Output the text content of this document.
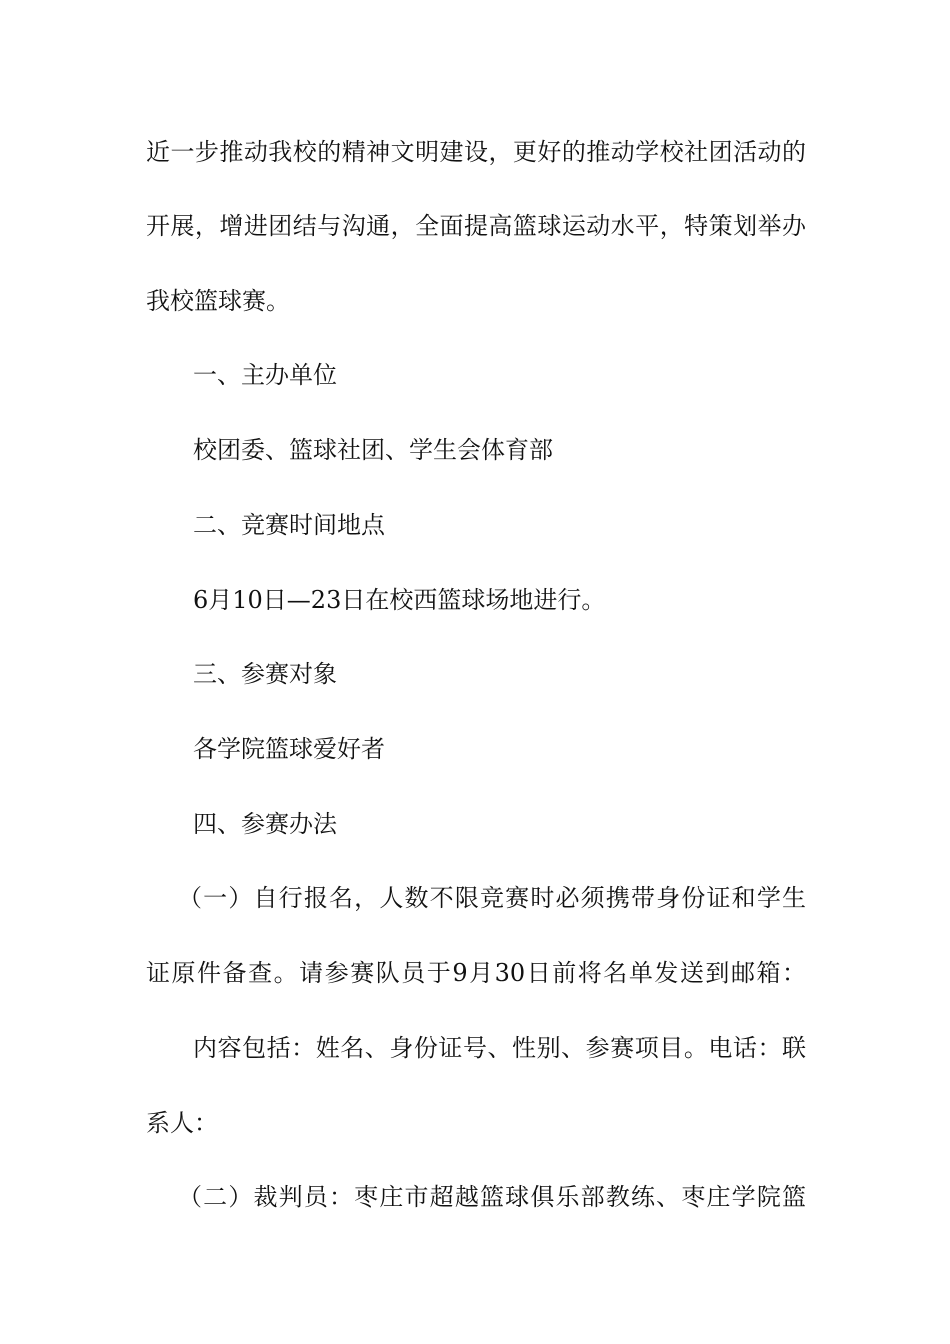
近一步推动我校的精神文明建设，更好的推动学校社团活动的
开展，增进团结与沟通，全面提高篮球运动水平，特策划举办
我校篮球赛。
一、主办单位
校团委、篮球社团、学生会体育部
二、竞赛时间地点
6月10日—23日在校西篮球场地进行。
三、参赛对象
各学院篮球爱好者
四、参赛办法
（一）自行报名，人数不限竞赛时必须携带身份证和学生
证原件备查。请参赛队员于9月30日前将名单发送到邮箱：
内容包括：姓名、身份证号、性别、参赛项目。电话：联
系人：
（二）裁判员：枣庄市超越篮球俱乐部教练、枣庄学院篮
